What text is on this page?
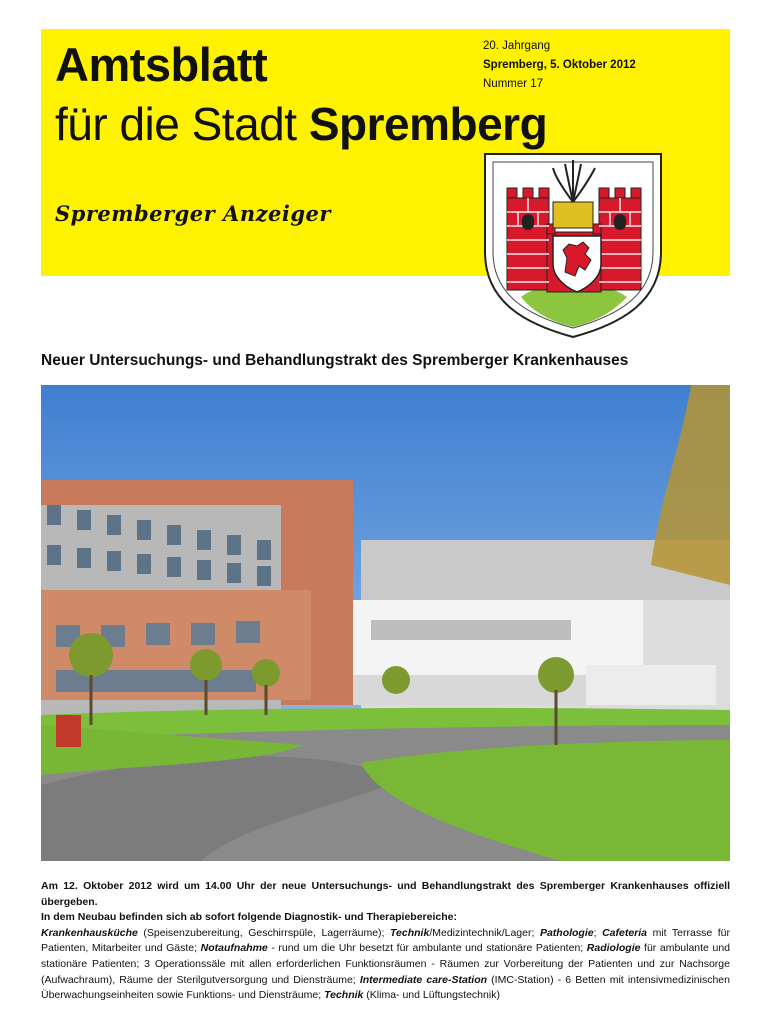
Amtsblatt
für die Stadt Spremberg
20. Jahrgang
Spremberg, 5. Oktober 2012
Nummer 17
Spremberger Anzeiger
Neuer Untersuchungs- und Behandlungstrakt des Spremberger Krankenhauses

Am 12. Oktober 2012 wird um 14.00 Uhr der neue Untersuchungs- und Behandlungstrakt des Spremberger Krankenhauses offiziell übergeben.

In dem Neubau befinden sich ab sofort folgende Diagnostik- und Therapiebereiche:

Krankenhausküche (Speisenzubereitung, Geschirrspüle, Lagerräume); Technik/Medizintechnik/Lager; Pathologie; Cafeteria mit Terrasse für Patienten, Mitarbeiter und Gäste; Notaufnahme - rund um die Uhr besetzt für ambulante und stationäre Patienten; Radiologie für ambulante und stationäre Patienten; 3 Operationssäle mit allen erforderlichen Funktionsräumen - Räumen zur Vorbereitung der Patienten und zur Nachsorge (Aufwachraum), Räume der Sterilgutversorgung und Diensträume; Intermediate care-Station (IMC-Station) - 6 Betten mit intensivmedizinischen Überwachungseinheiten sowie Funktions- und Diensträume; Technik (Klima- und Lüftungstechnik)
